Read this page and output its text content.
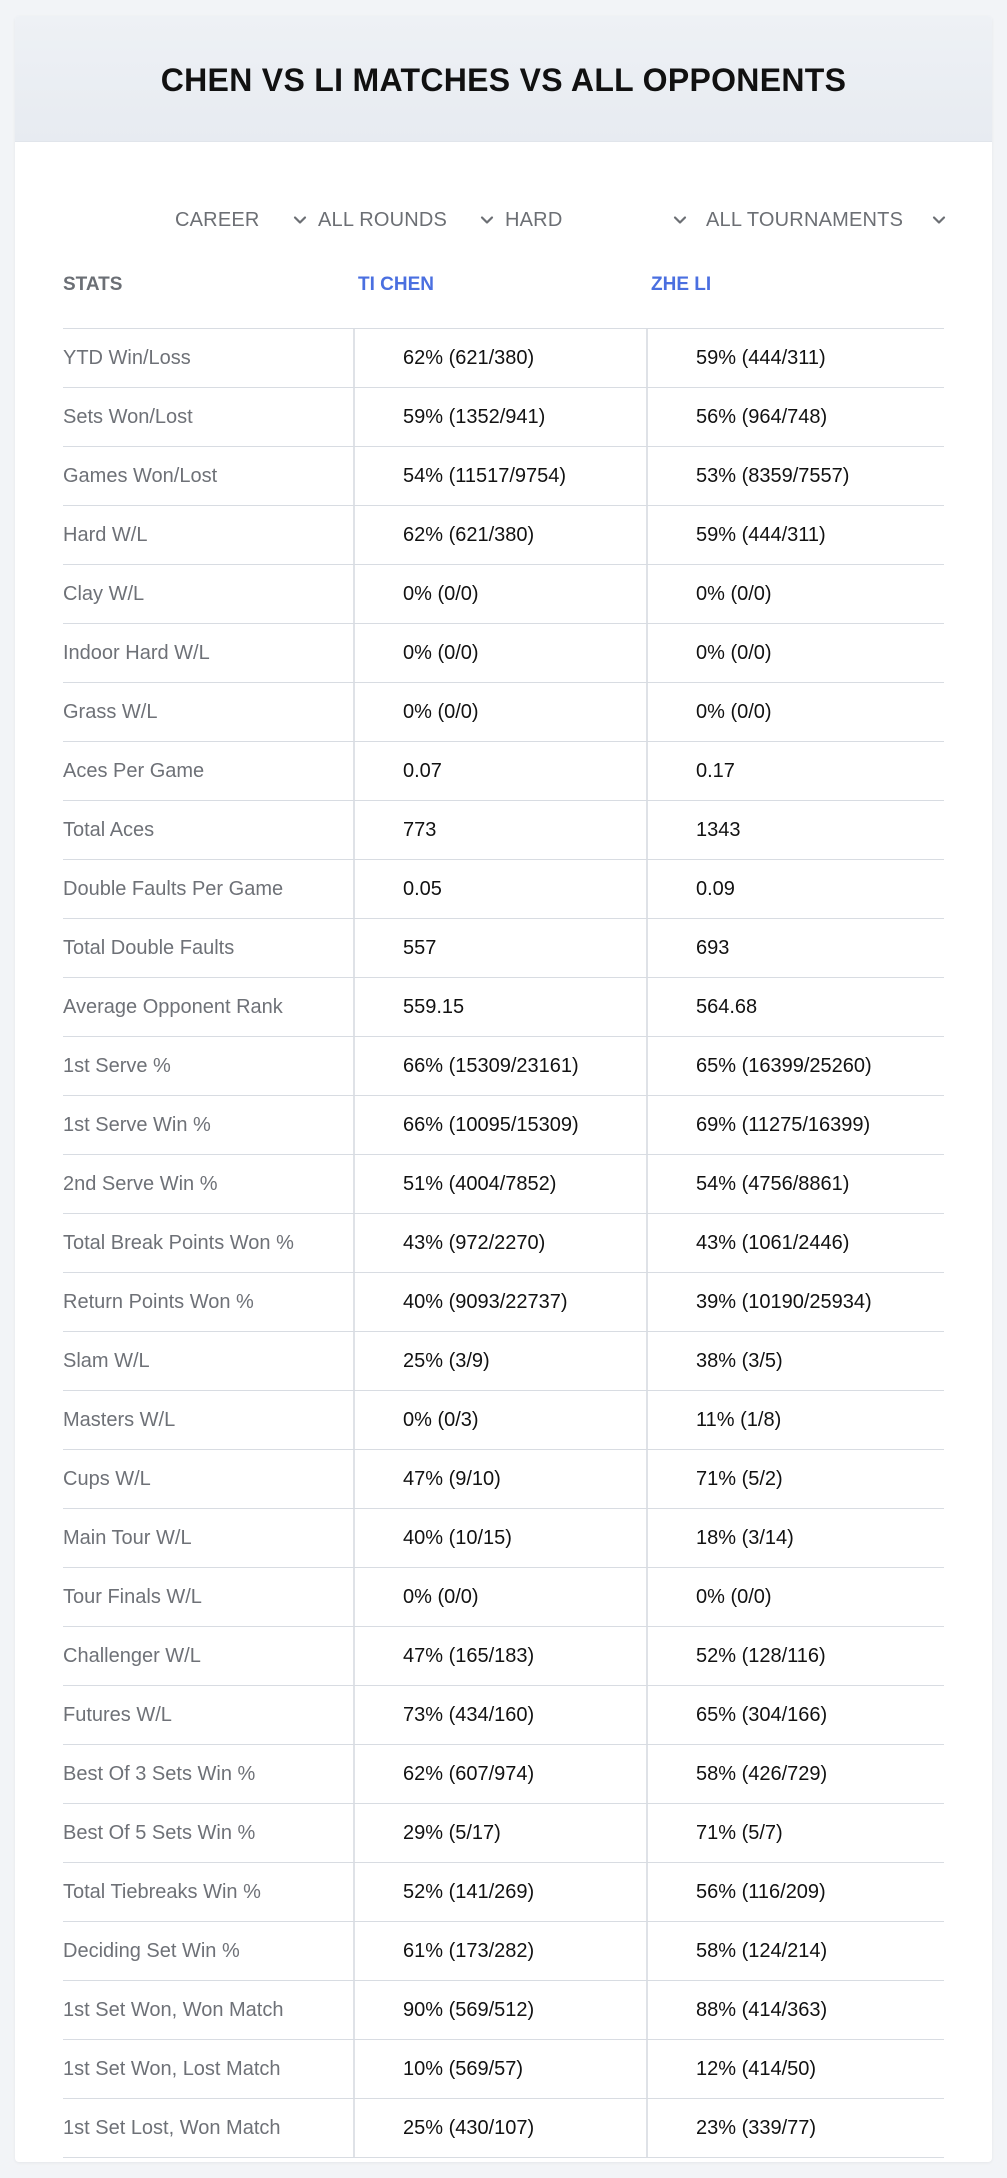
CHEN VS LI MATCHES VS ALL OPPONENTS
CAREER	ALL ROUNDS	HARD	ALL TOURNAMENTS
STATS	TI CHEN	ZHE LI
YTD Win/Loss	62% (621/380)	59% (444/311)
Sets Won/Lost	59% (1352/941)	56% (964/748)
Games Won/Lost	54% (11517/9754)	53% (8359/7557)
Hard W/L	62% (621/380)	59% (444/311)
Clay W/L	0% (0/0)	0% (0/0)
Indoor Hard W/L	0% (0/0)	0% (0/0)
Grass W/L	0% (0/0)	0% (0/0)
Aces Per Game	0.07	0.17
Total Aces	773	1343
Double Faults Per Game	0.05	0.09
Total Double Faults	557	693
Average Opponent Rank	559.15	564.68
1st Serve %	66% (15309/23161)	65% (16399/25260)
1st Serve Win %	66% (10095/15309)	69% (11275/16399)
2nd Serve Win %	51% (4004/7852)	54% (4756/8861)
Total Break Points Won %	43% (972/2270)	43% (1061/2446)
Return Points Won %	40% (9093/22737)	39% (10190/25934)
Slam W/L	25% (3/9)	38% (3/5)
Masters W/L	0% (0/3)	11% (1/8)
Cups W/L	47% (9/10)	71% (5/2)
Main Tour W/L	40% (10/15)	18% (3/14)
Tour Finals W/L	0% (0/0)	0% (0/0)
Challenger W/L	47% (165/183)	52% (128/116)
Futures W/L	73% (434/160)	65% (304/166)
Best Of 3 Sets Win %	62% (607/974)	58% (426/729)
Best Of 5 Sets Win %	29% (5/17)	71% (5/7)
Total Tiebreaks Win %	52% (141/269)	56% (116/209)
Deciding Set Win %	61% (173/282)	58% (124/214)
1st Set Won, Won Match	90% (569/512)	88% (414/363)
1st Set Won, Lost Match	10% (569/57)	12% (414/50)
1st Set Lost, Won Match	25% (430/107)	23% (339/77)
